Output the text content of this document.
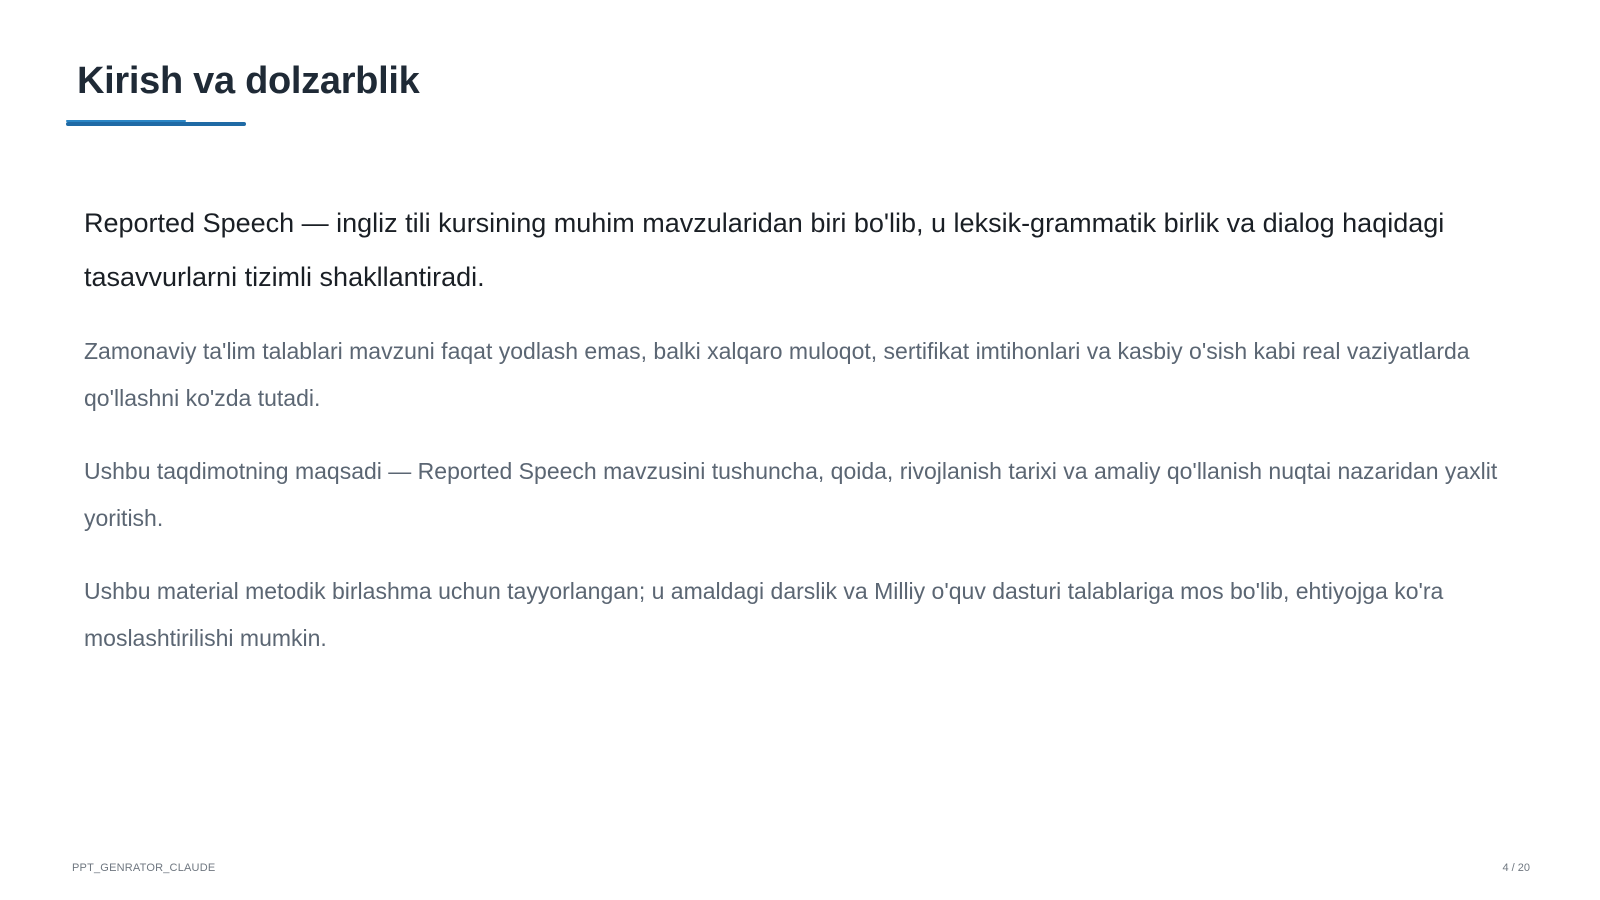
Kirish va dolzarblik

Reported Speech — ingliz tili kursining muhim mavzularidan biri bo'lib, u leksik-grammatik birlik va dialog haqidagi tasavvurlarni tizimli shakllantiradi.

Zamonaviy ta'lim talablari mavzuni faqat yodlash emas, balki xalqaro muloqot, sertifikat imtihonlari va kasbiy o'sish kabi real vaziyatlarda qo'llashni ko'zda tutadi.

Ushbu taqdimotning maqsadi — Reported Speech mavzusini tushuncha, qoida, rivojlanish tarixi va amaliy qo'llanish nuqtai nazaridan yaxlit yoritish.

Ushbu material metodik birlashma uchun tayyorlangan; u amaldagi darslik va Milliy o'quv dasturi talablariga mos bo'lib, ehtiyojga ko'ra moslashtirilishi mumkin.

PPT_GENRATOR_CLAUDE	4 / 20
